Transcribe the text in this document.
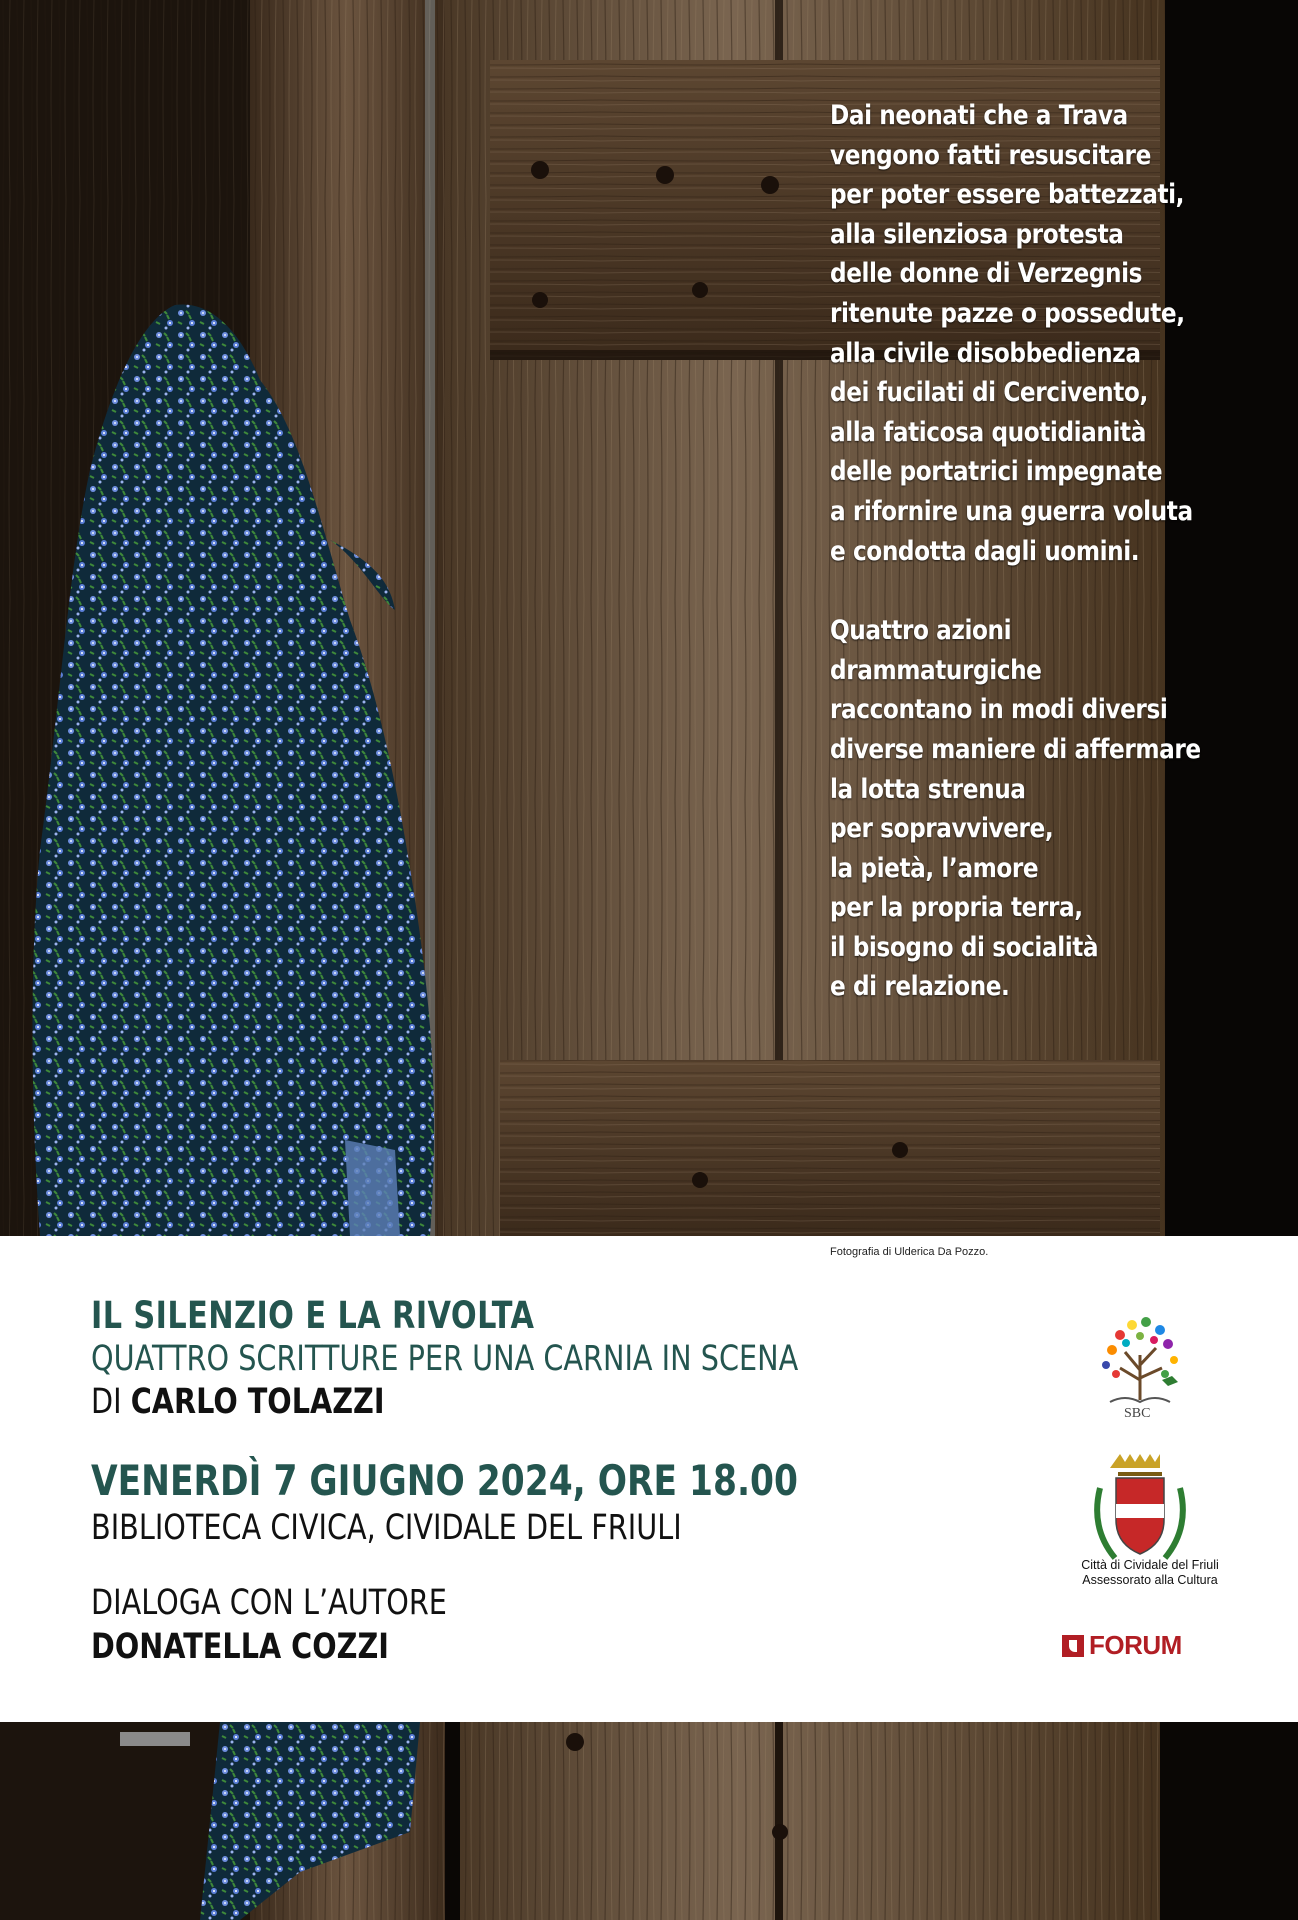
Dai neonati che a Trava
vengono fatti resuscitare
per poter essere battezzati,
alla silenziosa protesta
delle donne di Verzegnis
ritenute pazze o possedute,
alla civile disobbedienza
dei fucilati di Cercivento,
alla faticosa quotidianità
delle portatrici impegnate
a rifornire una guerra voluta
e condotta dagli uomini.
Quattro azioni
drammaturgiche
raccontano in modi diversi
diverse maniere di affermare
la lotta strenua
per sopravvivere,
la pietà, l’amore
per la propria terra,
il bisogno di socialità
e di relazione.
Fotografia di Ulderica Da Pozzo.
IL SILENZIO E LA RIVOLTA
QUATTRO SCRITTURE PER UNA CARNIA IN SCENA
DI CARLO TOLAZZI
VENERDÌ 7 GIUGNO 2024, ORE 18.00
BIBLIOTECA CIVICA, CIVIDALE DEL FRIULI
DIALOGA CON L’AUTORE
DONATELLA COZZI
SBC
Città di Cividale del Friuli
Assessorato alla Cultura
FORUM
